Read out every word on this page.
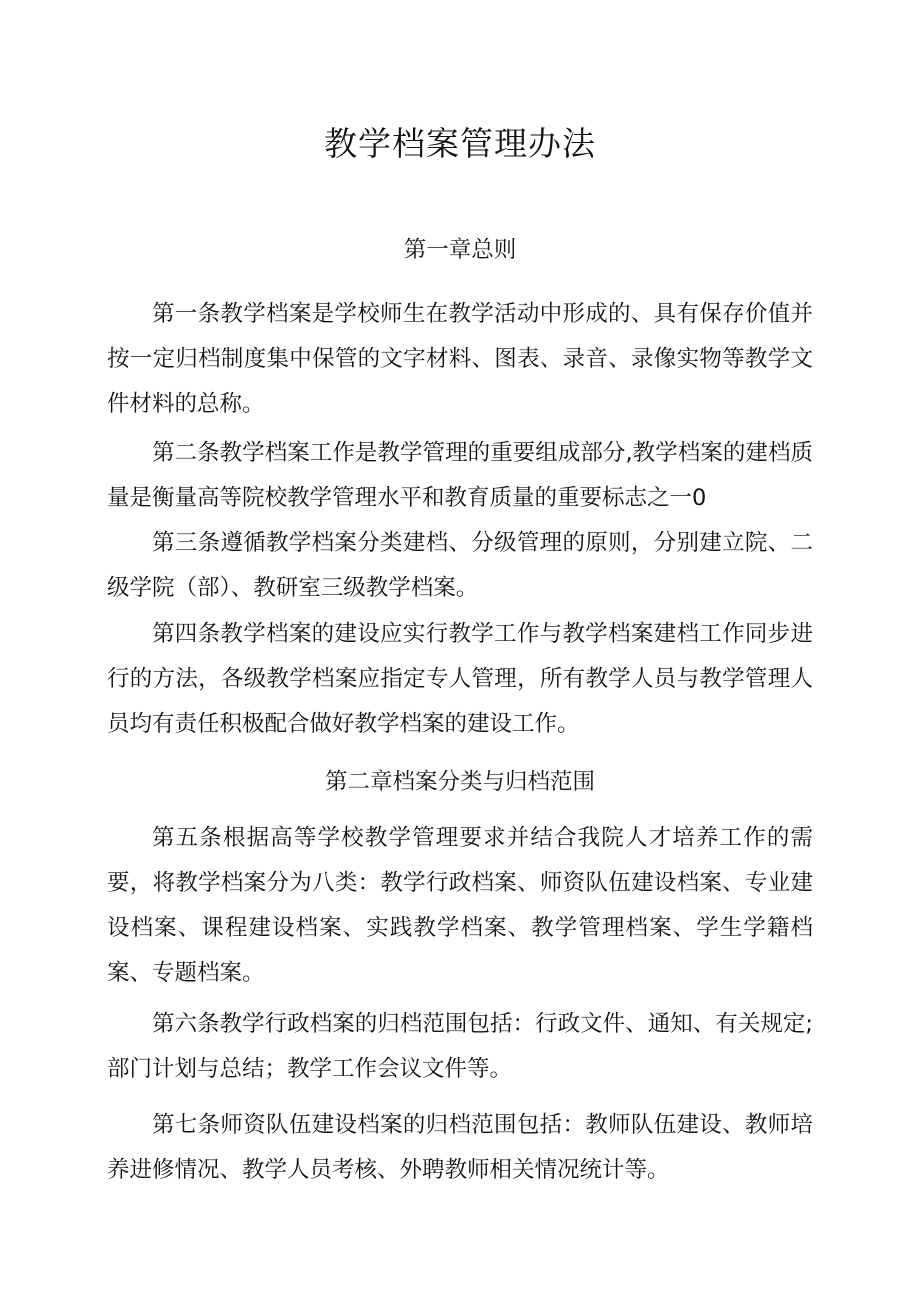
教学档案管理办法
第一章总则
第一条教学档案是学校师生在教学活动中形成的、具有保存价值并按一定归档制度集中保管的文字材料、图表、录音、录像实物等教学文件材料的总称。
第二条教学档案工作是教学管理的重要组成部分,教学档案的建档质量是衡量高等院校教学管理水平和教育质量的重要标志之一0
第三条遵循教学档案分类建档、分级管理的原则，分别建立院、二级学院（部）、教研室三级教学档案。
第四条教学档案的建设应实行教学工作与教学档案建档工作同步进行的方法，各级教学档案应指定专人管理，所有教学人员与教学管理人员均有责任积极配合做好教学档案的建设工作。
第二章档案分类与归档范围
第五条根据高等学校教学管理要求并结合我院人才培养工作的需要，将教学档案分为八类：教学行政档案、师资队伍建设档案、专业建设档案、课程建设档案、实践教学档案、教学管理档案、学生学籍档案、专题档案。
第六条教学行政档案的归档范围包括：行政文件、通知、有关规定;部门计划与总结；教学工作会议文件等。
第七条师资队伍建设档案的归档范围包括：教师队伍建设、教师培养进修情况、教学人员考核、外聘教师相关情况统计等。
